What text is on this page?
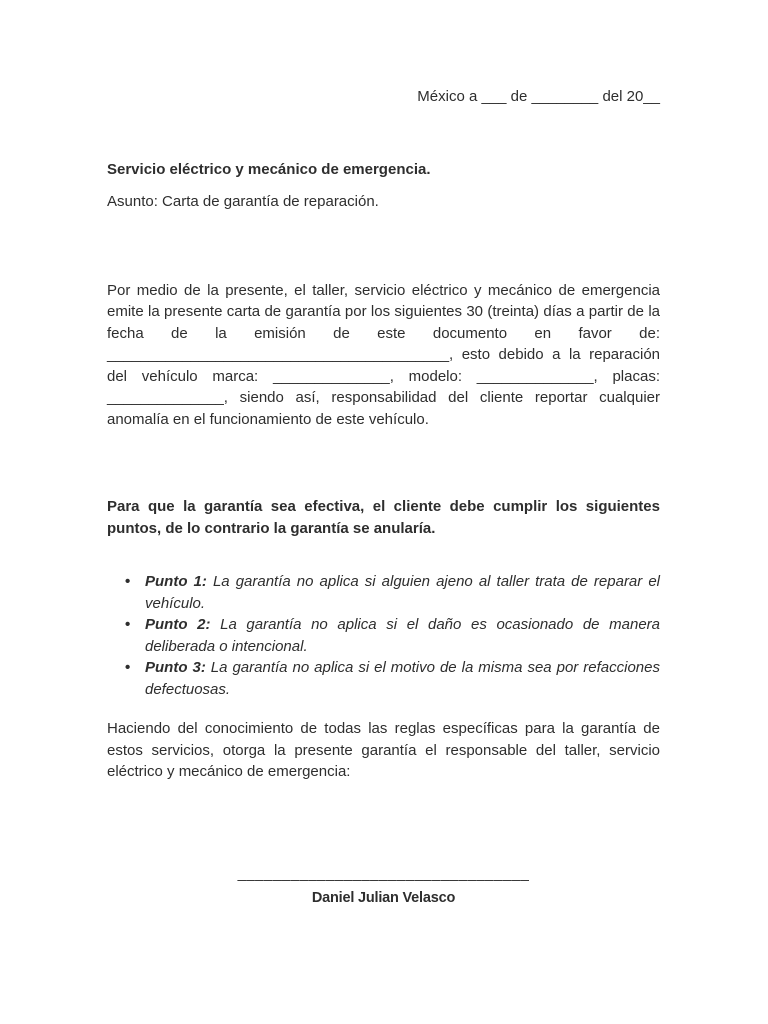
México a ___ de ________ del 20__

Servicio eléctrico y mecánico de emergencia.

Asunto: Carta de garantía de reparación.

Por medio de la presente, el taller, servicio eléctrico y mecánico de emergencia emite la presente carta de garantía por los siguientes 30 (treinta) días a partir de la fecha de la emisión de este documento en favor de: _________________________________________, esto debido a la reparación del vehículo marca: ______________, modelo: ______________, placas: ______________, siendo así, responsabilidad del cliente reportar cualquier anomalía en el funcionamiento de este vehículo.

Para que la garantía sea efectiva, el cliente debe cumplir los siguientes puntos, de lo contrario la garantía se anularía.

• Punto 1: La garantía no aplica si alguien ajeno al taller trata de reparar el vehículo.
• Punto 2: La garantía no aplica si el daño es ocasionado de manera deliberada o intencional.
• Punto 3: La garantía no aplica si el motivo de la misma sea por refacciones defectuosas.

Haciendo del conocimiento de todas las reglas específicas para la garantía de estos servicios, otorga la presente garantía el responsable del taller, servicio eléctrico y mecánico de emergencia:

_________________________________
Daniel Julian Velasco
